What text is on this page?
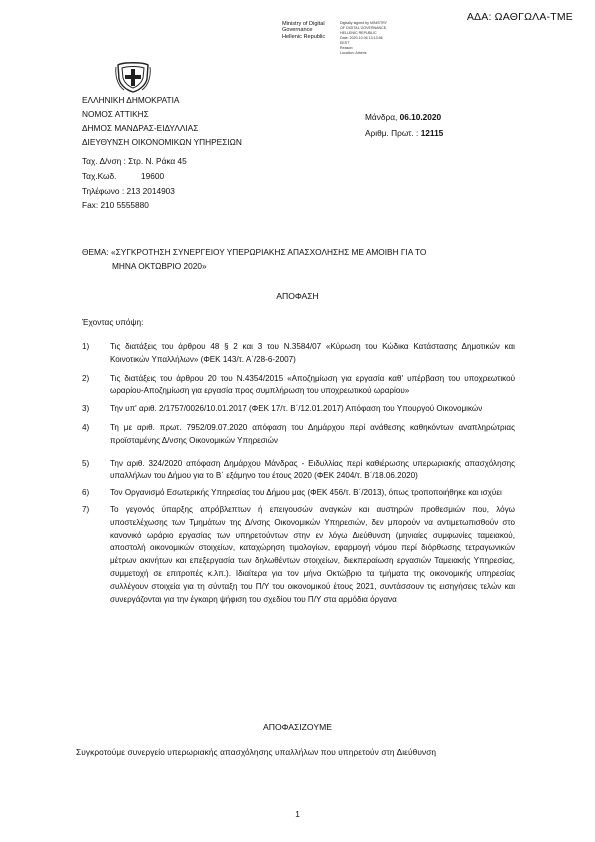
ΑΔΑ: ΩΑΘΓΩΛΑ-ΤΜΕ
Ministry of Digital
Governance
Hellenic Republic
Digitally signed by MINISTRY
OF DIGITAL GOVERNANCE,
HELLENIC REPUBLIC
Date: 2020.10.06 13:13:56
EEST
Reason:
Location: Athens
ΕΛΛΗΝΙΚΗ ΔΗΜΟΚΡΑΤΙΑ
ΝΟΜΟΣ ΑΤΤΙΚΗΣ
ΔΗΜΟΣ ΜΑΝΔΡΑΣ-ΕΙΔΥΛΛΙΑΣ
ΔΙΕΥΘΥΝΣΗ ΟΙΚΟΝΟΜΙΚΩΝ ΥΠΗΡΕΣΙΩΝ
Ταχ. Δ/νση : Στρ. Ν. Ράκα 45
Ταχ.Κωδ.	19600
Τηλέφωνο : 213 2014903
Fax: 210 5555880
Μάνδρα, 06.10.2020
Αριθμ. Πρωτ. : 12115
ΘΕΜΑ: «ΣΥΓΚΡΟΤΗΣΗ ΣΥΝΕΡΓΕΙΟΥ ΥΠΕΡΩΡΙΑΚΗΣ ΑΠΑΣΧΟΛΗΣΗΣ ΜΕ ΑΜΟΙΒΗ ΓΙΑ ΤΟ
ΜΗΝΑ ΟΚΤΩΒΡΙΟ 2020»
ΑΠΟΦΑΣΗ
Έχοντας υπόψη:
1)	Τις διατάξεις του άρθρου 48 § 2 και 3 του Ν.3584/07 «Κύρωση του Κώδικα Κατάστασης Δημοτικών και Κοινοτικών Υπαλλήλων» (ΦΕΚ 143/τ. Α΄/28-6-2007)
2)	Τις διατάξεις του άρθρου 20 του Ν.4354/2015 «Αποζημίωση για εργασία καθ' υπέρβαση του υποχρεωτικού ωραρίου-Αποζημίωση για εργασία προς συμπλήρωση του υποχρεωτικού ωραρίου»
3)	Την υπ' αριθ. 2/1757/0026/10.01.2017 (ΦΕΚ 17/τ. Β΄/12.01.2017) Απόφαση του Υπουργού Οικονομικών
4)	Τη με αριθ. πρωτ. 7952/09.07.2020 απόφαση του Δημάρχου περί ανάθεσης καθηκόντων αναπληρώτριας προϊσταμένης Δ/νσης Οικονομικών Υπηρεσιών
5)	Την αριθ. 324/2020 απόφαση Δημάρχου Μάνδρας - Ειδυλλίας περί καθιέρωσης υπερωριακής απασχόλησης υπαλλήλων του Δήμου για το Β΄ εξάμηνο του έτους 2020 (ΦΕΚ 2404/τ. Β΄/18.06.2020)
6)	Τον Οργανισμό Εσωτερικής Υπηρεσίας του Δήμου μας (ΦΕΚ 456/τ. Β΄/2013), όπως τροποποιήθηκε και ισχύει
7)	Το γεγονός ύπαρξης απρόβλεπτων ή επειγουσών αναγκών και αυστηρών προθεσμιών που, λόγω υποστελέχωσης των Τμημάτων της Δ/νσης Οικονομικών Υπηρεσιών, δεν μπορούν να αντιμετωπισθούν στο κανονικό ωράριο εργασίας των υπηρετούντων στην εν λόγω Διεύθυνση (μηνιαίες συμφωνίες ταμειακού, αποστολή οικονομικών στοιχείων, καταχώρηση τιμολογίων, εφαρμογή νόμου περί διόρθωσης τετραγωνικών μέτρων ακινήτων και επεξεργασία των δηλωθέντων στοιχείων, διεκπεραίωση εργασιών Ταμειακής Υπηρεσίας, συμμετοχή σε επιτροπές κ.λπ.). Ιδιαίτερα για τον μήνα Οκτώβριο τα τμήματα της οικονομικής υπηρεσίας συλλέγουν στοιχεία για τη σύνταξη του Π/Υ του οικονομικού έτους 2021, συντάσσουν τις εισηγήσεις τελών και συνεργάζονται για την έγκαιρη ψήφιση του σχεδίου του Π/Υ στα αρμόδια όργανα
ΑΠΟΦΑΣΙΖΟΥΜΕ
Συγκροτούμε συνεργείο υπερωριακής απασχόλησης υπαλλήλων που υπηρετούν στη Διεύθυνση
1
